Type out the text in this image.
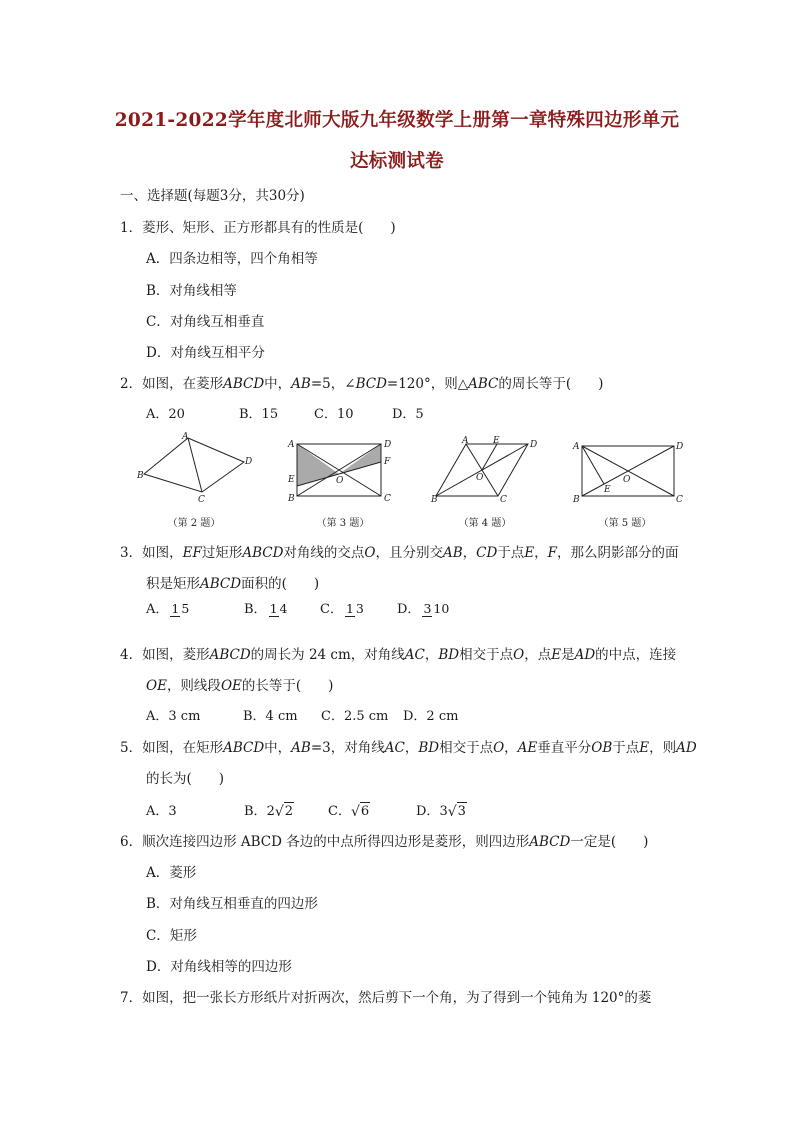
2021-2022学年度北师大版九年级数学上册第一章特殊四边形单元
达标测试卷
一、选择题(每题3分，共30分)
1．菱形、矩形、正方形都具有的性质是(　　)
A．四条边相等，四个角相等
B．对角线相等
C．对角线互相垂直
D．对角线互相平分
2．如图，在菱形ABCD中，AB=5，∠BCD=120°，则△ABC的周长等于(　　)
A．20	B．15	C．10	D．5
A
B
C
D
（第 2 题）
A	D
E
F
O
B	C
（第 3 题）
A	E	D
O
B	C
（第 4 题）
A	D
O
E
B	C
（第 5 题）
3．如图，EF过矩形ABCD对角线的交点O，且分别交AB，CD于点E，F，那么阴影部分的面
积是矩形ABCD面积的(　　)
A． 1 5	B． 1 4	C． 1 3	D． 3 10
4．如图，菱形ABCD的周长为 24 cm，对角线AC，BD相交于点O，点E是AD的中点，连接
OE，则线段OE的长等于(　　)
A．3 cm	B．4 cm C．2.5 cm D．2 cm
5．如图，在矩形ABCD中，AB=3，对角线AC，BD相交于点O，AE垂直平分OB于点E，则AD
的长为(　　)
A．3	B．2√2	C．√6	D．3√3
6．顺次连接四边形 ABCD 各边的中点所得四边形是菱形，则四边形ABCD一定是(　　)
A．菱形
B．对角线互相垂直的四边形
C．矩形
D．对角线相等的四边形
7．如图，把一张长方形纸片对折两次，然后剪下一个角，为了得到一个钝角为 120°的菱
